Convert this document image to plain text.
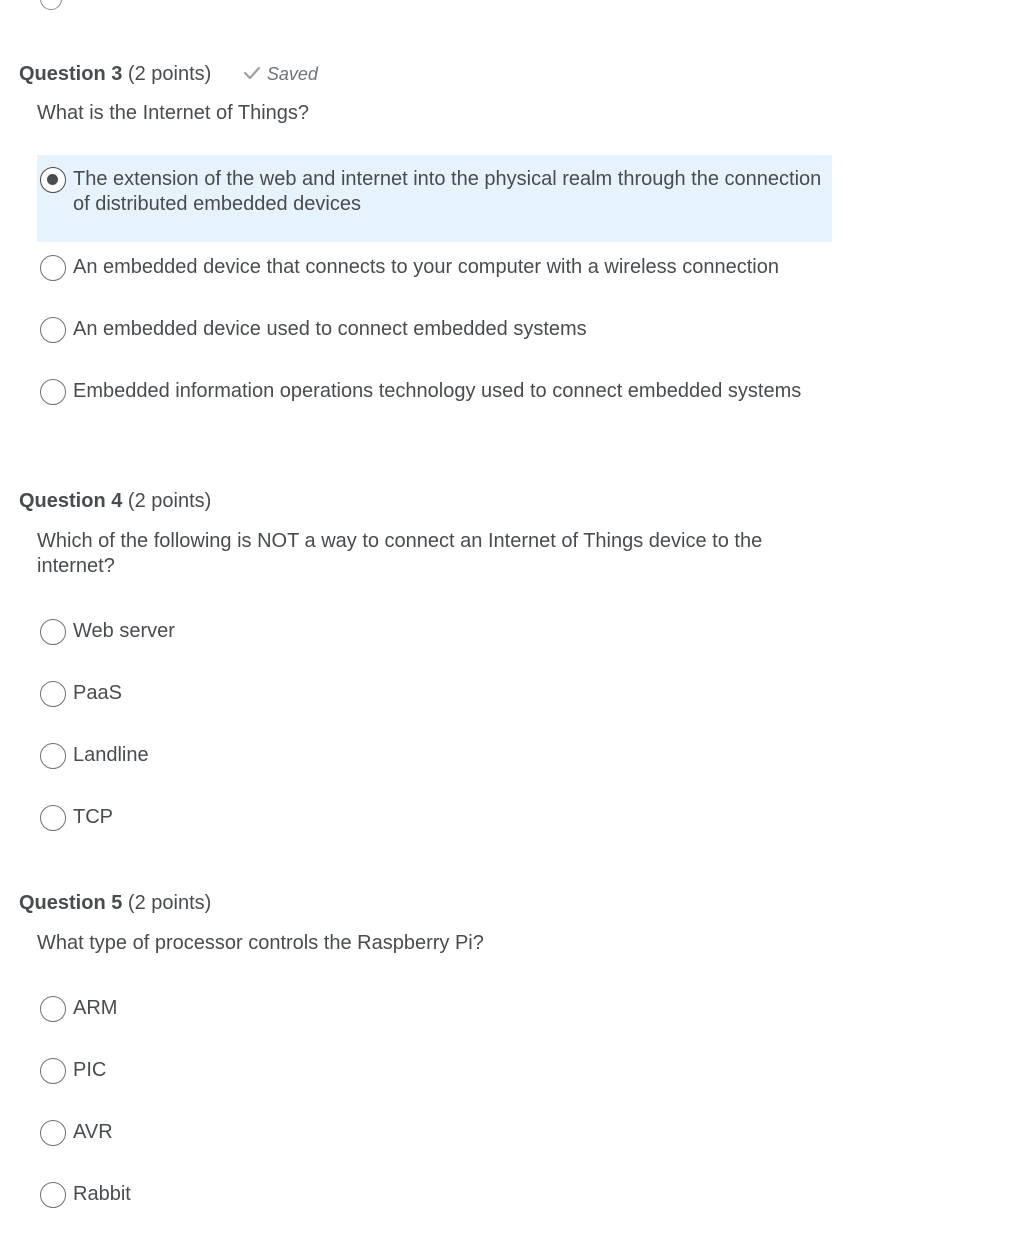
Question 3 (2 points)	Saved
What is the Internet of Things?
The extension of the web and internet into the physical realm through the connection of distributed embedded devices
An embedded device that connects to your computer with a wireless connection
An embedded device used to connect embedded systems
Embedded information operations technology used to connect embedded systems
Question 4 (2 points)
Which of the following is NOT a way to connect an Internet of Things device to the internet?
Web server
PaaS
Landline
TCP
Question 5 (2 points)
What type of processor controls the Raspberry Pi?
ARM
PIC
AVR
Rabbit
